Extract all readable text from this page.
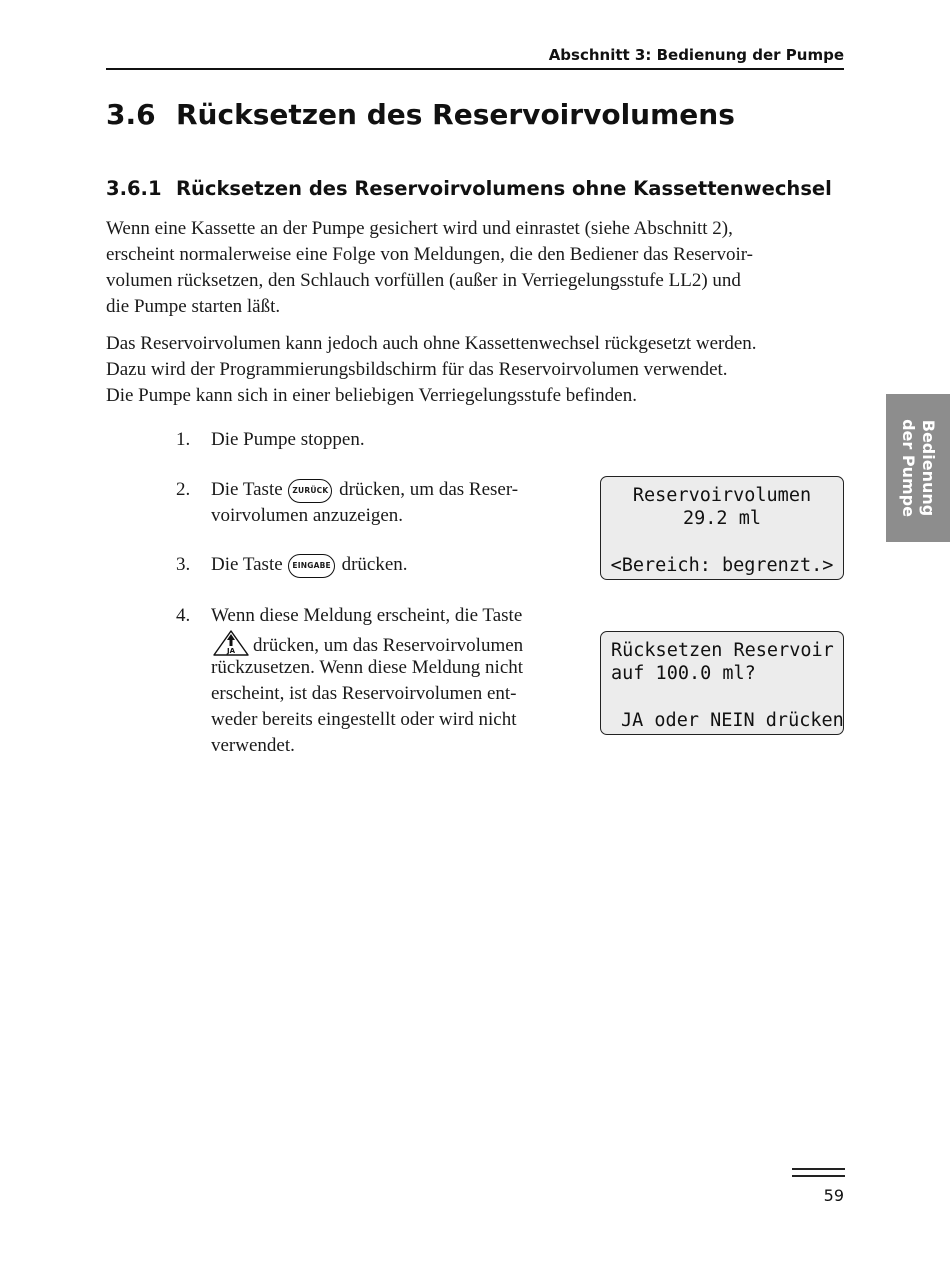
Abschnitt 3: Bedienung der Pumpe
3.6 Rücksetzen des Reservoirvolumens
3.6.1 Rücksetzen des Reservoirvolumens ohne Kassettenwechsel
Wenn eine Kassette an der Pumpe gesichert wird und einrastet (siehe Abschnitt 2),
erscheint normalerweise eine Folge von Meldungen, die den Bediener das Reservoir-
volumen rücksetzen, den Schlauch vorfüllen (außer in Verriegelungsstufe LL2) und
die Pumpe starten läßt.
Das Reservoirvolumen kann jedoch auch ohne Kassettenwechsel rückgesetzt werden.
Dazu wird der Programmierungsbildschirm für das Reservoirvolumen verwendet.
Die Pumpe kann sich in einer beliebigen Verriegelungsstufe befinden.
1. Die Pumpe stoppen.
2. Die Taste ZURÜCK drücken, um das Reser-
voirvolumen anzuzeigen.
3. Die Taste EINGABE drücken.
4. Wenn diese Meldung erscheint, die Taste
JA drücken, um das Reservoirvolumen
rückzusetzen. Wenn diese Meldung nicht
erscheint, ist das Reservoirvolumen ent-
weder bereits eingestellt oder wird nicht
verwendet.
Reservoirvolumen
29.2 ml
<Bereich: begrenzt.>
Rücksetzen Reservoir
auf 100.0 ml?
JA oder NEIN drücken
Bedienung
der Pumpe
59
